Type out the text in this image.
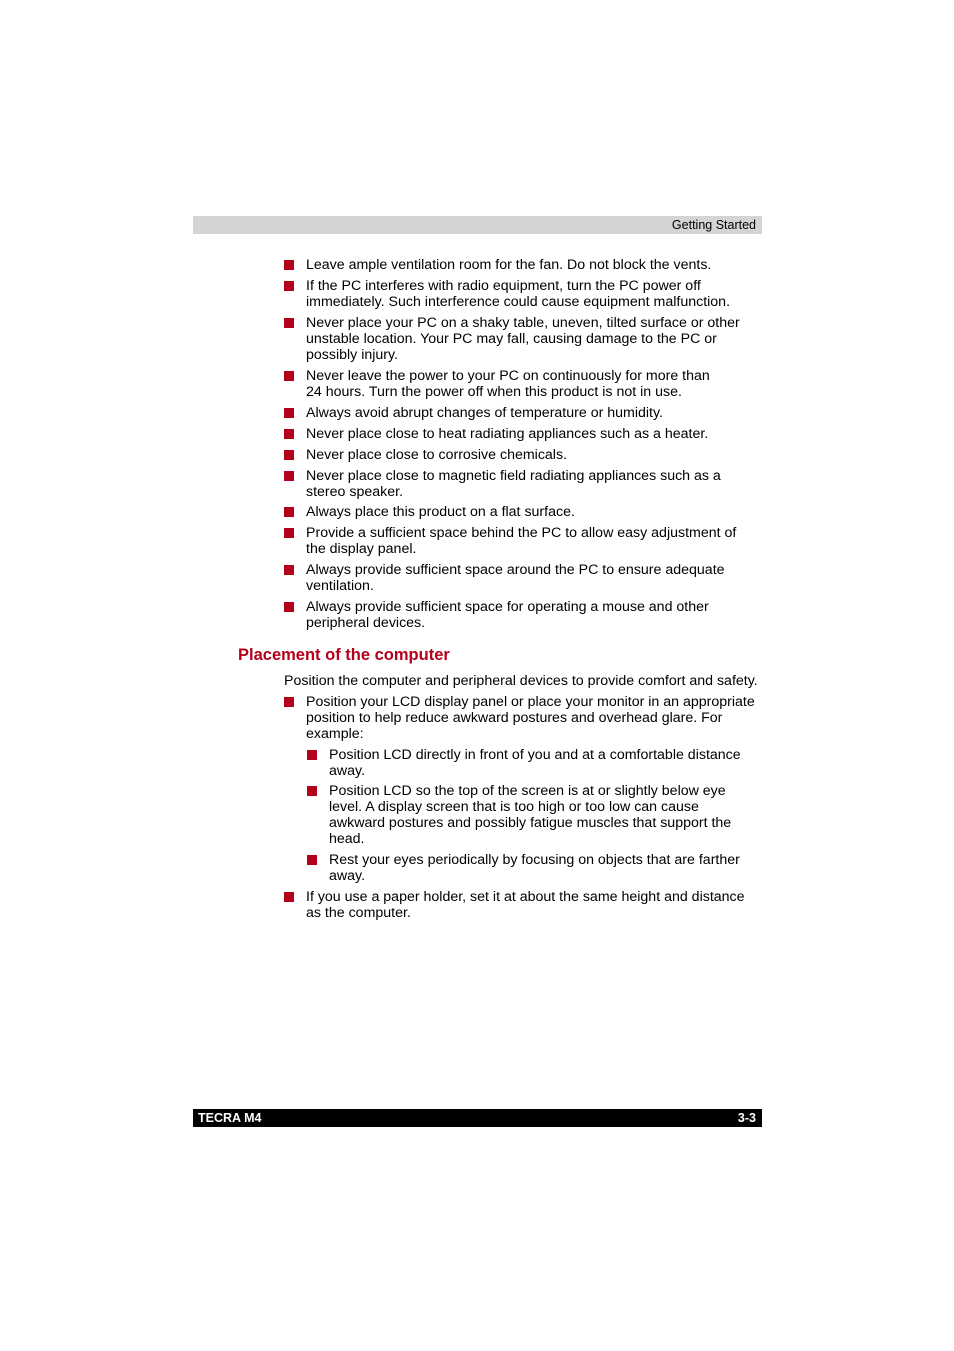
Getting Started
Leave ample ventilation room for the fan. Do not block the vents.
If the PC interferes with radio equipment, turn the PC power off
immediately. Such interference could cause equipment malfunction.
Never place your PC on a shaky table, uneven, tilted surface or other
unstable location. Your PC may fall, causing damage to the PC or
possibly injury.
Never leave the power to your PC on continuously for more than
24 hours. Turn the power off when this product is not in use.
Always avoid abrupt changes of temperature or humidity.
Never place close to heat radiating appliances such as a heater.
Never place close to corrosive chemicals.
Never place close to magnetic field radiating appliances such as a
stereo speaker.
Always place this product on a flat surface.
Provide a sufficient space behind the PC to allow easy adjustment of
the display panel.
Always provide sufficient space around the PC to ensure adequate
ventilation.
Always provide sufficient space for operating a mouse and other
peripheral devices.
Placement of the computer
Position the computer and peripheral devices to provide comfort and safety.
Position your LCD display panel or place your monitor in an appropriate
position to help reduce awkward postures and overhead glare. For
example:
Position LCD directly in front of you and at a comfortable distance
away.
Position LCD so the top of the screen is at or slightly below eye
level. A display screen that is too high or too low can cause
awkward postures and possibly fatigue muscles that support the
head.
Rest your eyes periodically by focusing on objects that are farther
away.
If you use a paper holder, set it at about the same height and distance
as the computer.
TECRA M4	3-3
